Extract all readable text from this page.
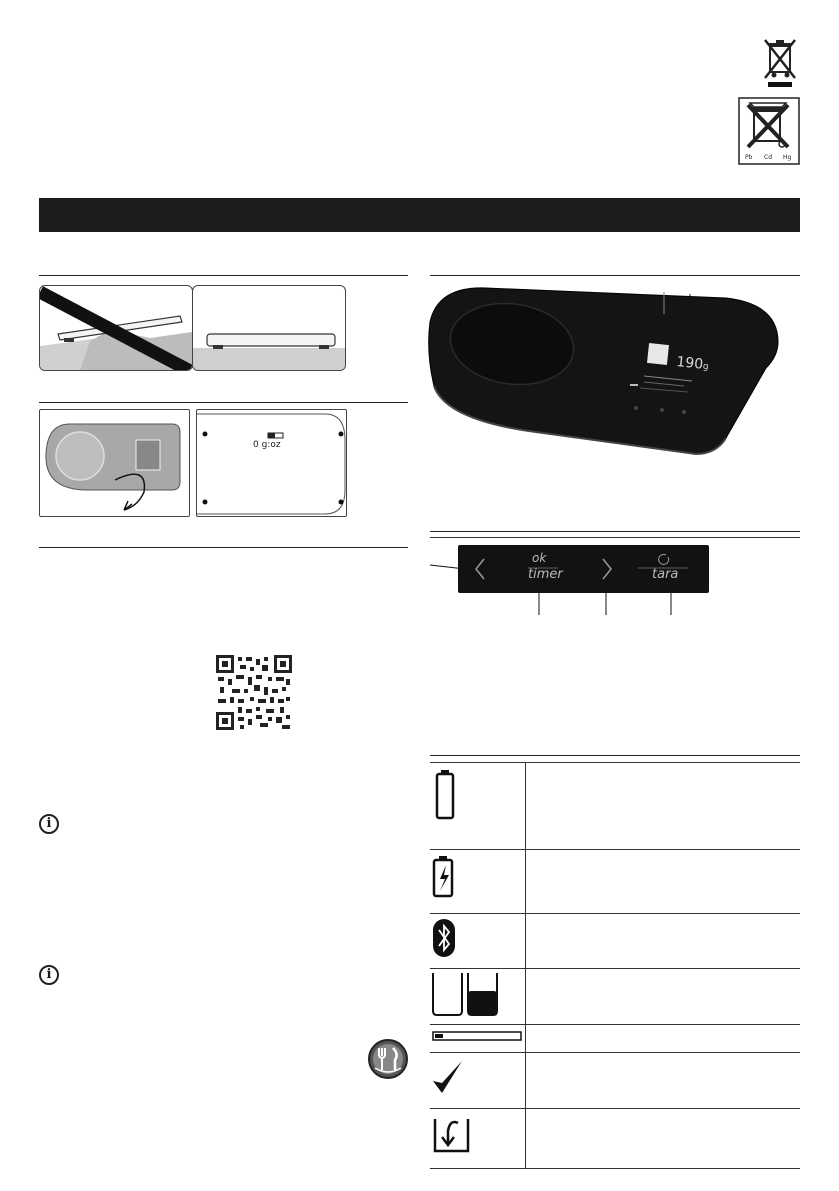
Pb Cd Hg
0 g:oz
i
i
190g
ok
timer	tara
